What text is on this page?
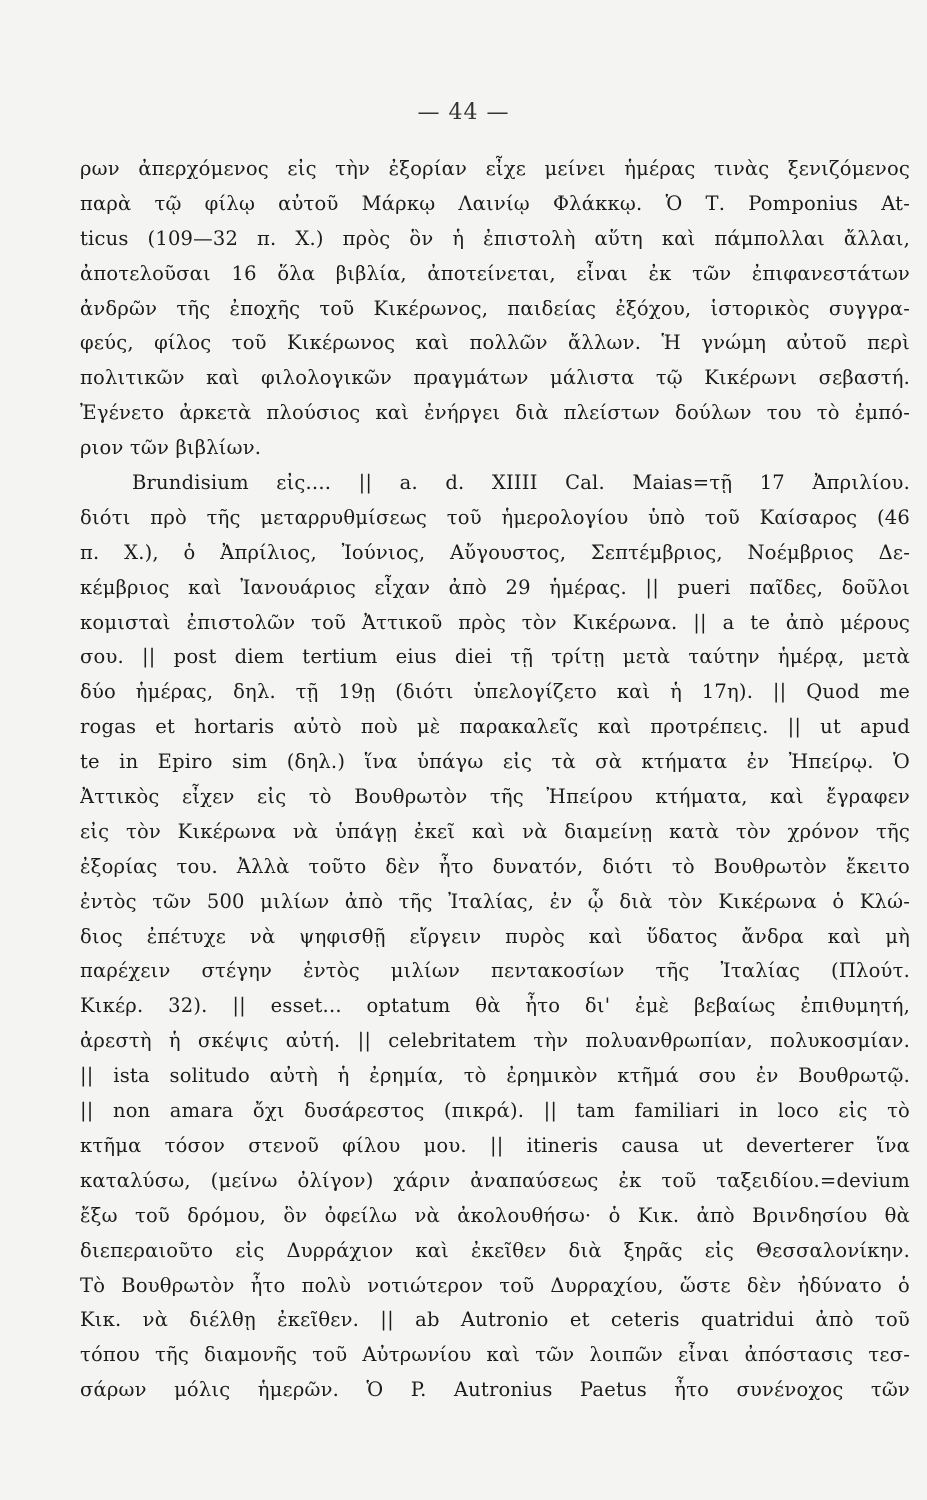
— 44 —
ρων ἀπερχόμενος εἰς τὴν ἐξορίαν εἶχε μείνει ἡμέρας τινὰς ξενιζόμενος
παρὰ τῷ φίλῳ αὐτοῦ Μάρκῳ Λαινίῳ Φλάκκῳ. Ὁ Τ. Pomponius At-
ticus (109—32 π. Χ.) πρὸς ὃν ἡ ἐπιστολὴ αὕτη καὶ πάμπολλαι ἄλλαι,
ἀποτελοῦσαι 16 ὅλα βιβλία, ἀποτείνεται, εἶναι ἐκ τῶν ἐπιφανεστάτων
ἀνδρῶν τῆς ἐποχῆς τοῦ Κικέρωνος, παιδείας ἐξόχου, ἱστορικὸς συγγρα-
φεύς, φίλος τοῦ Κικέρωνος καὶ πολλῶν ἄλλων. Ἡ γνώμη αὐτοῦ περὶ
πολιτικῶν καὶ φιλολογικῶν πραγμάτων μάλιστα τῷ Κικέρωνι σεβαστή.
Ἐγένετο ἀρκετὰ πλούσιος καὶ ἐνήργει διὰ πλείστων δούλων του τὸ ἐμπό-
ριον τῶν βιβλίων.
Brundisium εἰς.... || a. d. XIIII Cal. Maias=τῇ 17 Ἀπριλίου.
διότι πρὸ τῆς μεταρρυθμίσεως τοῦ ἡμερολογίου ὑπὸ τοῦ Καίσαρος (46
π. Χ.), ὁ Ἀπρίλιος, Ἰούνιος, Αὔγουστος, Σεπτέμβριος, Νοέμβριος Δε-
κέμβριος καὶ Ἰανουάριος εἶχαν ἀπὸ 29 ἡμέρας. || pueri παῖδες, δοῦλοι
κομισταὶ ἐπιστολῶν τοῦ Ἀττικοῦ πρὸς τὸν Κικέρωνα. || a te ἀπὸ μέρους
σου. || post diem tertium eius diei τῇ τρίτῃ μετὰ ταύτην ἡμέρᾳ, μετὰ
δύο ἡμέρας, δηλ. τῇ 19ῃ (διότι ὑπελογίζετο καὶ ἡ 17η). || Quod me
rogas et hortaris αὐτὸ ποὺ μὲ παρακαλεῖς καὶ προτρέπεις. || ut apud
te in Epiro sim (δηλ.) ἵνα ὑπάγω εἰς τὰ σὰ κτήματα ἐν Ἠπείρῳ. Ὁ
Ἀττικὸς εἶχεν εἰς τὸ Βουθρωτὸν τῆς Ἠπείρου κτήματα, καὶ ἔγραφεν
εἰς τὸν Κικέρωνα νὰ ὑπάγῃ ἐκεῖ καὶ νὰ διαμείνῃ κατὰ τὸν χρόνον τῆς
ἐξορίας του. Ἀλλὰ τοῦτο δὲν ἦτο δυνατόν, διότι τὸ Βουθρωτὸν ἔκειτο
ἐντὸς τῶν 500 μιλίων ἀπὸ τῆς Ἰταλίας, ἐν ᾧ διὰ τὸν Κικέρωνα ὁ Κλώ-
διος ἐπέτυχε νὰ ψηφισθῇ εἴργειν πυρὸς καὶ ὕδατος ἄνδρα καὶ μὴ
παρέχειν στέγην ἐντὸς μιλίων πεντακοσίων τῆς Ἰταλίας (Πλούτ.
Κικέρ. 32). || esset... optatum θὰ ἦτο δι' ἐμὲ βεβαίως ἐπιθυμητή,
ἀρεστὴ ἡ σκέψις αὐτή. || celebritatem τὴν πολυανθρωπίαν, πολυκοσμίαν.
|| ista solitudo αὐτὴ ἡ ἐρημία, τὸ ἐρημικὸν κτῆμά σου ἐν Βουθρωτῷ.
|| non amara ὄχι δυσάρεστος (πικρά). || tam familiari in loco εἰς τὸ
κτῆμα τόσον στενοῦ φίλου μου. || itineris causa ut deverterer ἵνα
καταλύσω, (μείνω ὀλίγον) χάριν ἀναπαύσεως ἐκ τοῦ ταξειδίου.=devium
ἔξω τοῦ δρόμου, ὃν ὀφείλω νὰ ἀκολουθήσω· ὁ Κικ. ἀπὸ Βρινδησίου θὰ
διεπεραιοῦτο εἰς Δυρράχιον καὶ ἐκεῖθεν διὰ ξηρᾶς εἰς Θεσσαλονίκην.
Τὸ Βουθρωτὸν ἦτο πολὺ νοτιώτερον τοῦ Δυρραχίου, ὥστε δὲν ἠδύνατο ὁ
Κικ. νὰ διέλθῃ ἐκεῖθεν. || ab Autronio et ceteris quatridui ἀπὸ τοῦ
τόπου τῆς διαμονῆς τοῦ Αὐτρωνίου καὶ τῶν λοιπῶν εἶναι ἀπόστασις τεσ-
σάρων μόλις ἡμερῶν. Ὁ P. Autronius Paetus ἦτο συνένοχος τῶν
